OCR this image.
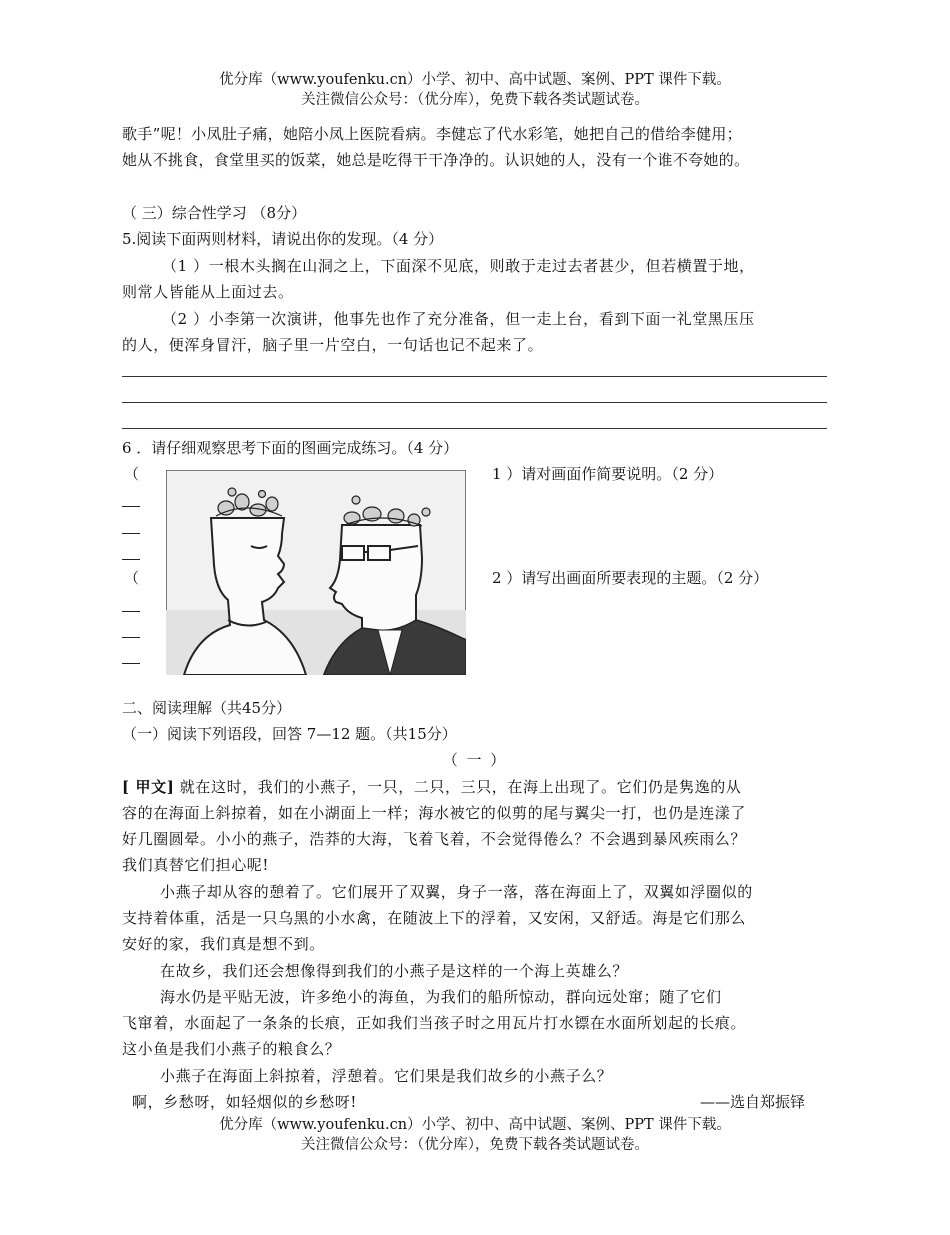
优分库（www.youfenku.cn）小学、初中、高中试题、案例、PPT 课件下载。
关注微信公众号：（优分库），免费下载各类试题试卷。
歌手”呢！小凤肚子痛，她陪小凤上医院看病。李健忘了代水彩笔，她把自己的借给李健用；
她从不挑食，食堂里买的饭菜，她总是吃得干干净净的。认识她的人，没有一个谁不夸她的。
（ 三）综合性学习 （8分）
5.阅读下面两则材料，请说出你的发现。（4 分）
（1 ）一根木头搁在山洞之上，下面深不见底，则敢于走过去者甚少，但若横置于地，
则常人皆能从上面过去。
（2 ）小李第一次演讲，他事先也作了充分准备，但一走上台，看到下面一礼堂黑压压
的人，便浑身冒汗，脑子里一片空白，一句话也记不起来了。
6 ．请仔细观察思考下面的图画完成练习。（4 分）
（
（
1 ）请对画面作简要说明。（2 分）
2 ）请写出画面所要表现的主题。（2 分）
二、阅读理解（共45分）
（一）阅读下列语段，回答 7—12 题。（共15分）
（ 一 ）
[ 甲文] 就在这时，我们的小燕子，一只，二只，三只，在海上出现了。它们仍是隽逸的从
容的在海面上斜掠着，如在小湖面上一样；海水被它的似剪的尾与翼尖一打，也仍是连漾了
好几圈圆晕。小小的燕子，浩莽的大海，飞着飞着，不会觉得倦么？不会遇到暴风疾雨么？
我们真替它们担心呢!
小燕子却从容的憩着了。它们展开了双翼，身子一落，落在海面上了，双翼如浮圈似的
支持着体重，活是一只乌黑的小水禽，在随波上下的浮着，又安闲，又舒适。海是它们那么
安好的家，我们真是想不到。
在故乡，我们还会想像得到我们的小燕子是这样的一个海上英雄么？
海水仍是平贴无波，许多绝小的海鱼，为我们的船所惊动，群向远处窜；随了它们
飞窜着，水面起了一条条的长痕，正如我们当孩子时之用瓦片打水镖在水面所划起的长痕。
这小鱼是我们小燕子的粮食么？
小燕子在海面上斜掠着，浮憩着。它们果是我们故乡的小燕子么？
啊，乡愁呀，如轻烟似的乡愁呀!	——选自郑振铎
优分库（www.youfenku.cn）小学、初中、高中试题、案例、PPT 课件下载。
关注微信公众号：（优分库），免费下载各类试题试卷。
